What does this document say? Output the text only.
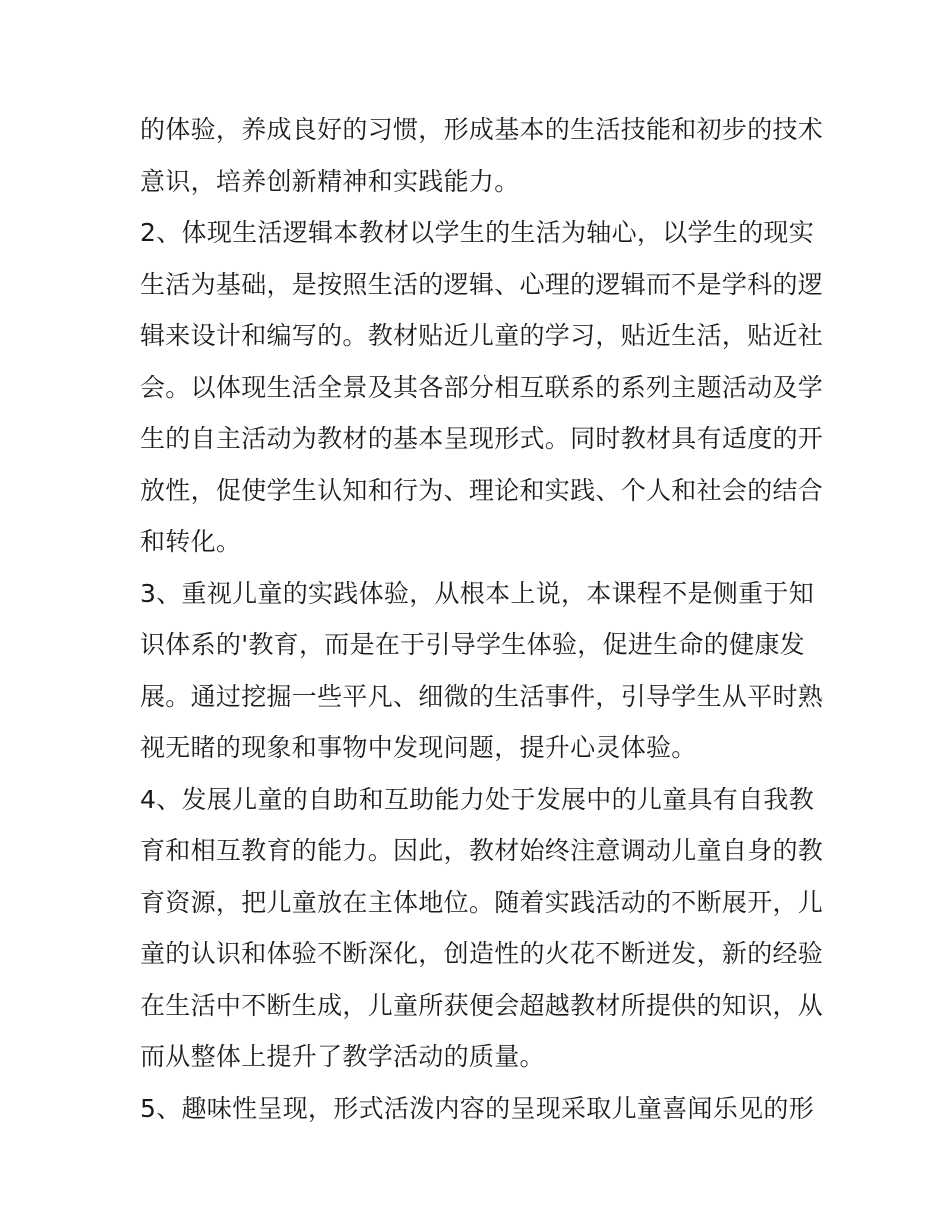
的体验，养成良好的习惯，形成基本的生活技能和初步的技术
意识，培养创新精神和实践能力。
2、体现生活逻辑本教材以学生的生活为轴心，以学生的现实
生活为基础，是按照生活的逻辑、心理的逻辑而不是学科的逻
辑来设计和编写的。教材贴近儿童的学习，贴近生活，贴近社
会。以体现生活全景及其各部分相互联系的系列主题活动及学
生的自主活动为教材的基本呈现形式。同时教材具有适度的开
放性，促使学生认知和行为、理论和实践、个人和社会的结合
和转化。
3、重视儿童的实践体验，从根本上说，本课程不是侧重于知
识体系的'教育，而是在于引导学生体验，促进生命的健康发
展。通过挖掘一些平凡、细微的生活事件，引导学生从平时熟
视无睹的现象和事物中发现问题，提升心灵体验。
4、发展儿童的自助和互助能力处于发展中的儿童具有自我教
育和相互教育的能力。因此，教材始终注意调动儿童自身的教
育资源，把儿童放在主体地位。随着实践活动的不断展开，儿
童的认识和体验不断深化，创造性的火花不断迸发，新的经验
在生活中不断生成，儿童所获便会超越教材所提供的知识，从
而从整体上提升了教学活动的质量。
5、趣味性呈现，形式活泼内容的呈现采取儿童喜闻乐见的形
